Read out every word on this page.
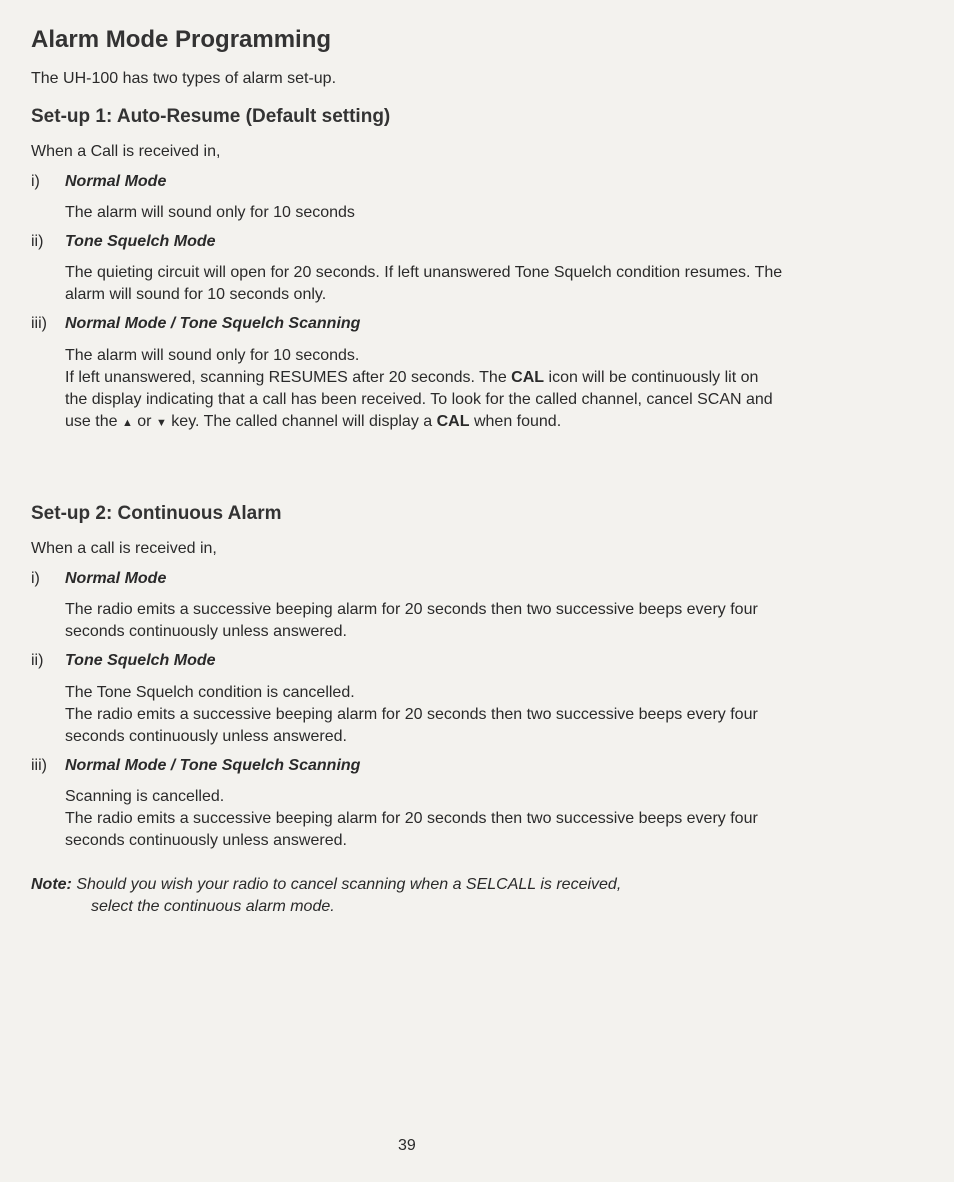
Alarm Mode Programming

The UH-100 has two types of alarm set-up.

Set-up 1: Auto-Resume (Default setting)

When a Call is received in,

i) Normal Mode

The alarm will sound only for 10 seconds

ii) Tone Squelch Mode

The quieting circuit will open for 20 seconds. If left unanswered Tone Squelch condition resumes. The alarm will sound for 10 seconds only.

iii) Normal Mode / Tone Squelch Scanning

The alarm will sound only for 10 seconds.

If left unanswered, scanning RESUMES after 20 seconds. The CAL icon will be continuously lit on the display indicating that a call has been received. To look for the called channel, cancel SCAN and use the ▲ or ▼ key. The called channel will display a CAL when found.

Set-up 2: Continuous Alarm

When a call is received in,

i) Normal Mode

The radio emits a successive beeping alarm for 20 seconds then two successive beeps every four seconds continuously unless answered.

ii) Tone Squelch Mode

The Tone Squelch condition is cancelled.

The radio emits a successive beeping alarm for 20 seconds then two successive beeps every four seconds continuously unless answered.

iii) Normal Mode / Tone Squelch Scanning

Scanning is cancelled.

The radio emits a successive beeping alarm for 20 seconds then two successive beeps every four seconds continuously unless answered.

Note: Should you wish your radio to cancel scanning when a SELCALL is received,
select the continuous alarm mode.

39
